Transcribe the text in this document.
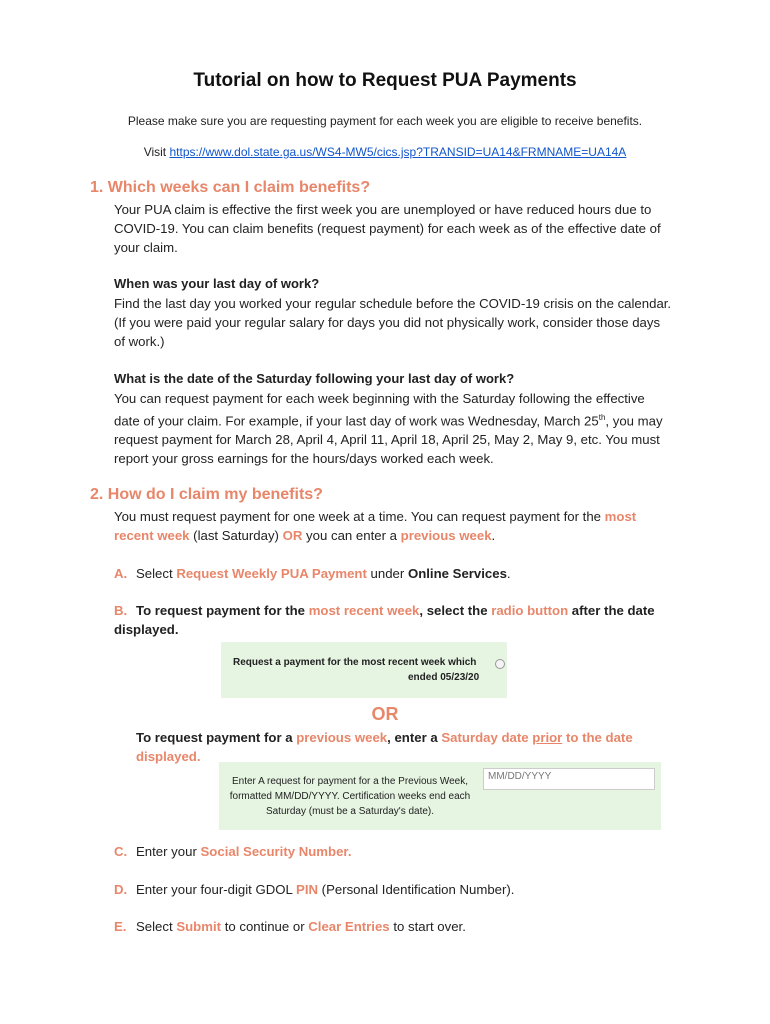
Tutorial on how to Request PUA Payments
Please make sure you are requesting payment for each week you are eligible to receive benefits.
Visit https://www.dol.state.ga.us/WS4-MW5/cics.jsp?TRANSID=UA14&FRMNAME=UA14A
1. Which weeks can I claim benefits?
Your PUA claim is effective the first week you are unemployed or have reduced hours due to COVID-19. You can claim benefits (request payment) for each week as of the effective date of your claim.
When was your last day of work?
Find the last day you worked your regular schedule before the COVID-19 crisis on the calendar. (If you were paid your regular salary for days you did not physically work, consider those days of work.)
What is the date of the Saturday following your last day of work?
You can request payment for each week beginning with the Saturday following the effective date of your claim. For example, if your last day of work was Wednesday, March 25th, you may request payment for March 28, April 4, April 11, April 18, April 25, May 2, May 9, etc. You must report your gross earnings for the hours/days worked each week.
2. How do I claim my benefits?
You must request payment for one week at a time. You can request payment for the most recent week (last Saturday) OR you can enter a previous week.
A. Select Request Weekly PUA Payment under Online Services.
B. To request payment for the most recent week, select the radio button after the date displayed.
Request a payment for the most recent week which
ended 05/23/20
OR
To request payment for a previous week, enter a Saturday date prior to the date displayed.
Enter A request for payment for a the Previous Week,
formatted MM/DD/YYYY. Certification weeks end each
Saturday (must be a Saturday's date).
MM/DD/YYYY
C. Enter your Social Security Number.
D. Enter your four-digit GDOL PIN (Personal Identification Number).
E. Select Submit to continue or Clear Entries to start over.
